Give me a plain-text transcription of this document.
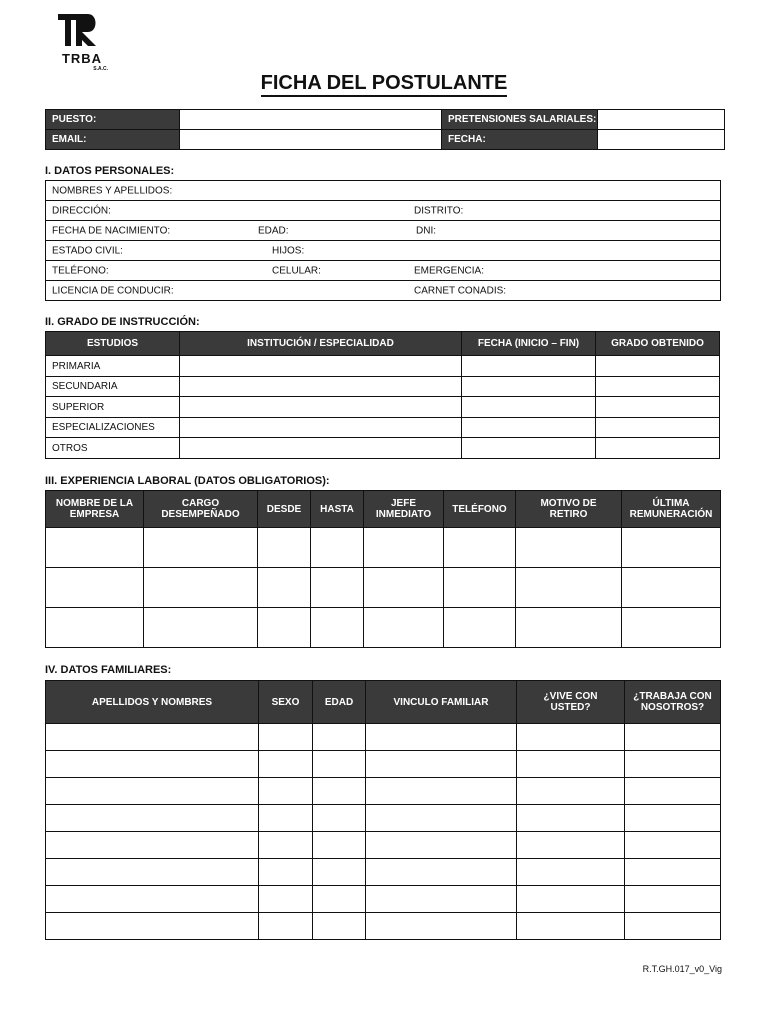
TRBA
S.A.C.
FICHA DEL POSTULANTE
PUESTO:		PRETENSIONES SALARIALES:	
EMAIL:		FECHA:	
I. DATOS PERSONALES:
NOMBRES Y APELLIDOS:

DIRECCIÓN:	DISTRITO:

FECHA DE NACIMIENTO:	EDAD:	DNI:

ESTADO CIVIL:	HIJOS:

TELÉFONO:	CELULAR:	EMERGENCIA:

LICENCIA DE CONDUCIR:	CARNET CONADIS:
II. GRADO DE INSTRUCCIÓN:
ESTUDIOS	INSTITUCIÓN / ESPECIALIDAD	FECHA (INICIO – FIN)	GRADO OBTENIDO
PRIMARIA			
SECUNDARIA			
SUPERIOR			
ESPECIALIZACIONES			
OTROS			
III. EXPERIENCIA LABORAL (DATOS OBLIGATORIOS):
NOMBRE DE LA EMPRESA	CARGO DESEMPEÑADO	DESDE	HASTA	JEFE INMEDIATO	TELÉFONO	MOTIVO DE RETIRO	ÚLTIMA REMUNERACIÓN

IV. DATOS FAMILIARES:
APELLIDOS Y NOMBRES	SEXO	EDAD	VINCULO FAMILIAR	¿VIVE CON USTED?	¿TRABAJA CON NOSOTROS?

R.T.GH.017_v0_Vig
